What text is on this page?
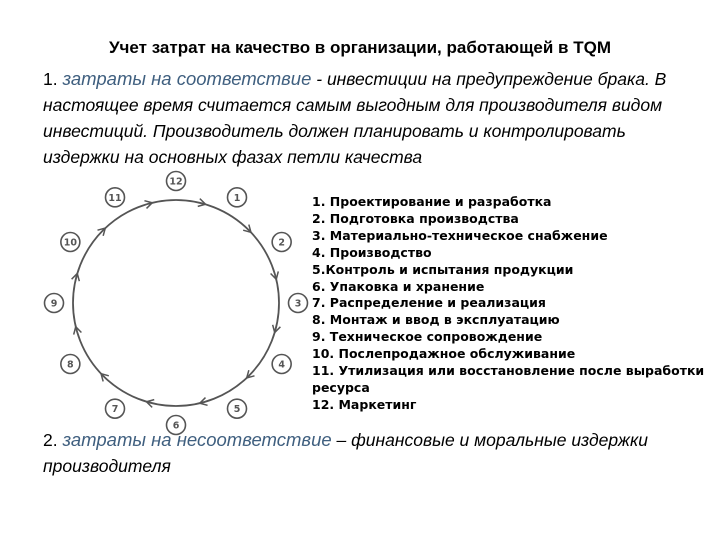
Учет затрат на качество в организации, работающей в TQM
1. затраты на соответствие - инвестиции на предупреждение брака. В настоящее время считается самым выгодным для производителя видом инвестиций. Производитель должен планировать и контролировать издержки на основных фазах петли качества
12
1
2
3
4
5
6
7
8
9
10
11	1. Проектирование и разработка
2. Подготовка производства
3. Материально-техническое снабжение
4. Производство
5.Контроль и испытания продукции
6. Упаковка и хранение
7. Распределение и реализация
8. Монтаж и ввод в эксплуатацию
9. Техническое сопровождение
10. Послепродажное обслуживание
11. Утилизация или восстановление после выработки ресурса
12. Маркетинг
2. затраты на несоответствие – финансовые и моральные издержки производителя
